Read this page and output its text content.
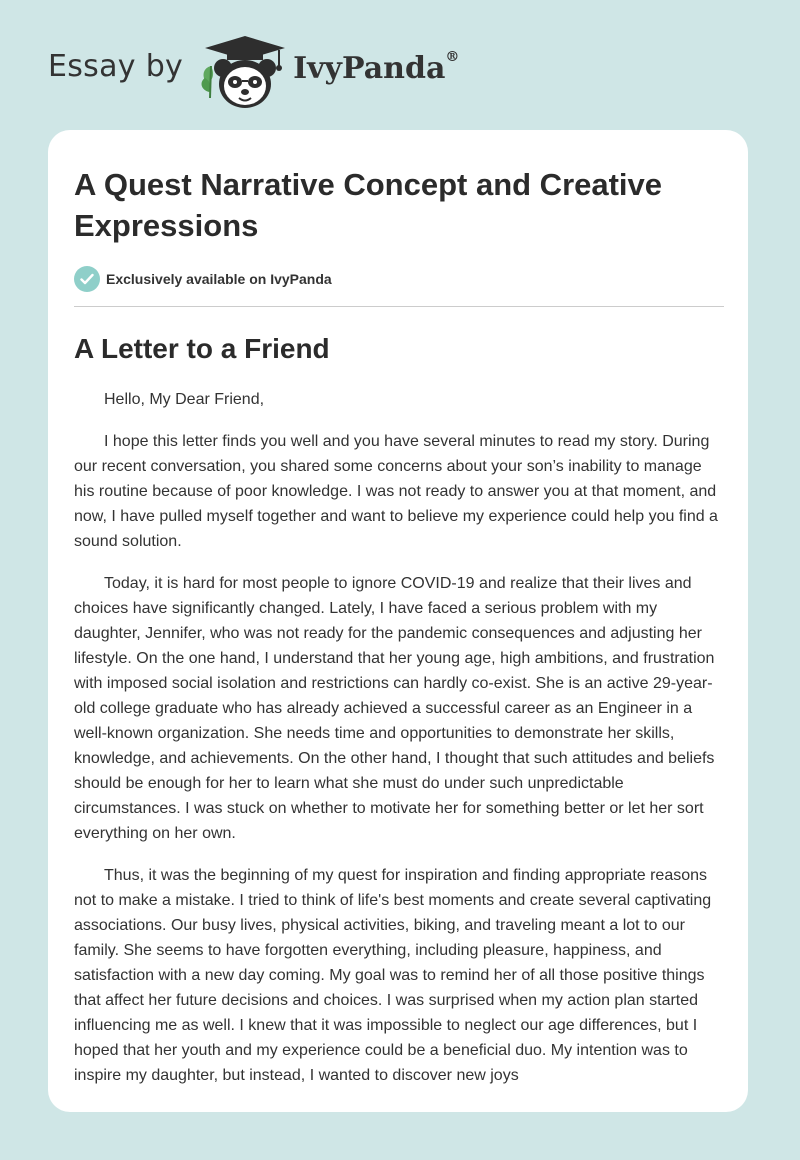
Essay by	IvyPanda®
A Quest Narrative Concept and Creative Expressions
Exclusively available on IvyPanda
A Letter to a Friend

Hello, My Dear Friend,

I hope this letter finds you well and you have several minutes to read my story. During our recent conversation, you shared some concerns about your son’s inability to manage his routine because of poor knowledge. I was not ready to answer you at that moment, and now, I have pulled myself together and want to believe my experience could help you find a sound solution.

Today, it is hard for most people to ignore COVID-19 and realize that their lives and choices have significantly changed. Lately, I have faced a serious problem with my daughter, Jennifer, who was not ready for the pandemic consequences and adjusting her lifestyle. On the one hand, I understand that her young age, high ambitions, and frustration with imposed social isolation and restrictions can hardly co-exist. She is an active 29-year-old college graduate who has already achieved a successful career as an Engineer in a well-known organization. She needs time and opportunities to demonstrate her skills, knowledge, and achievements. On the other hand, I thought that such attitudes and beliefs should be enough for her to learn what she must do under such unpredictable circumstances. I was stuck on whether to motivate her for something better or let her sort everything on her own.

Thus, it was the beginning of my quest for inspiration and finding appropriate reasons not to make a mistake. I tried to think of life's best moments and create several captivating associations. Our busy lives, physical activities, biking, and traveling meant a lot to our family. She seems to have forgotten everything, including pleasure, happiness, and satisfaction with a new day coming. My goal was to remind her of all those positive things that affect her future decisions and choices. I was surprised when my action plan started influencing me as well. I knew that it was impossible to neglect our age differences, but I hoped that her youth and my experience could be a beneficial duo. My intention was to inspire my daughter, but instead, I wanted to discover new joys
